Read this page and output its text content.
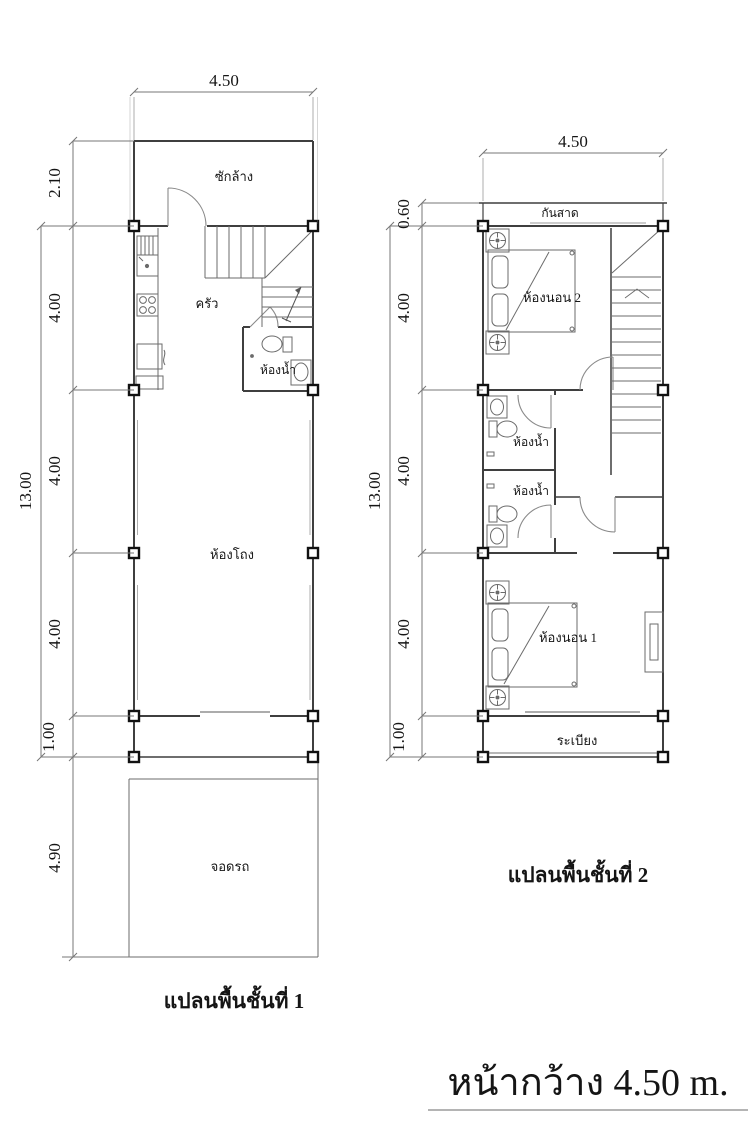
4.50
ซักล้าง
ครัว
ห้องน้ำ
ห้องโถง
จอดรถ
2.10
4.00
4.00
4.00
1.00
4.90
13.00
แปลนพื้นชั้นที่ 1
4.50
กันสาด
ห้องนอน 2
ห้องน้ำ
ห้องน้ำ
ห้องนอน 1
ระเบียง
0.60
4.00
4.00
4.00
1.00
13.00
แปลนพื้นชั้นที่ 2
หน้ากว้าง 4.50 m.
